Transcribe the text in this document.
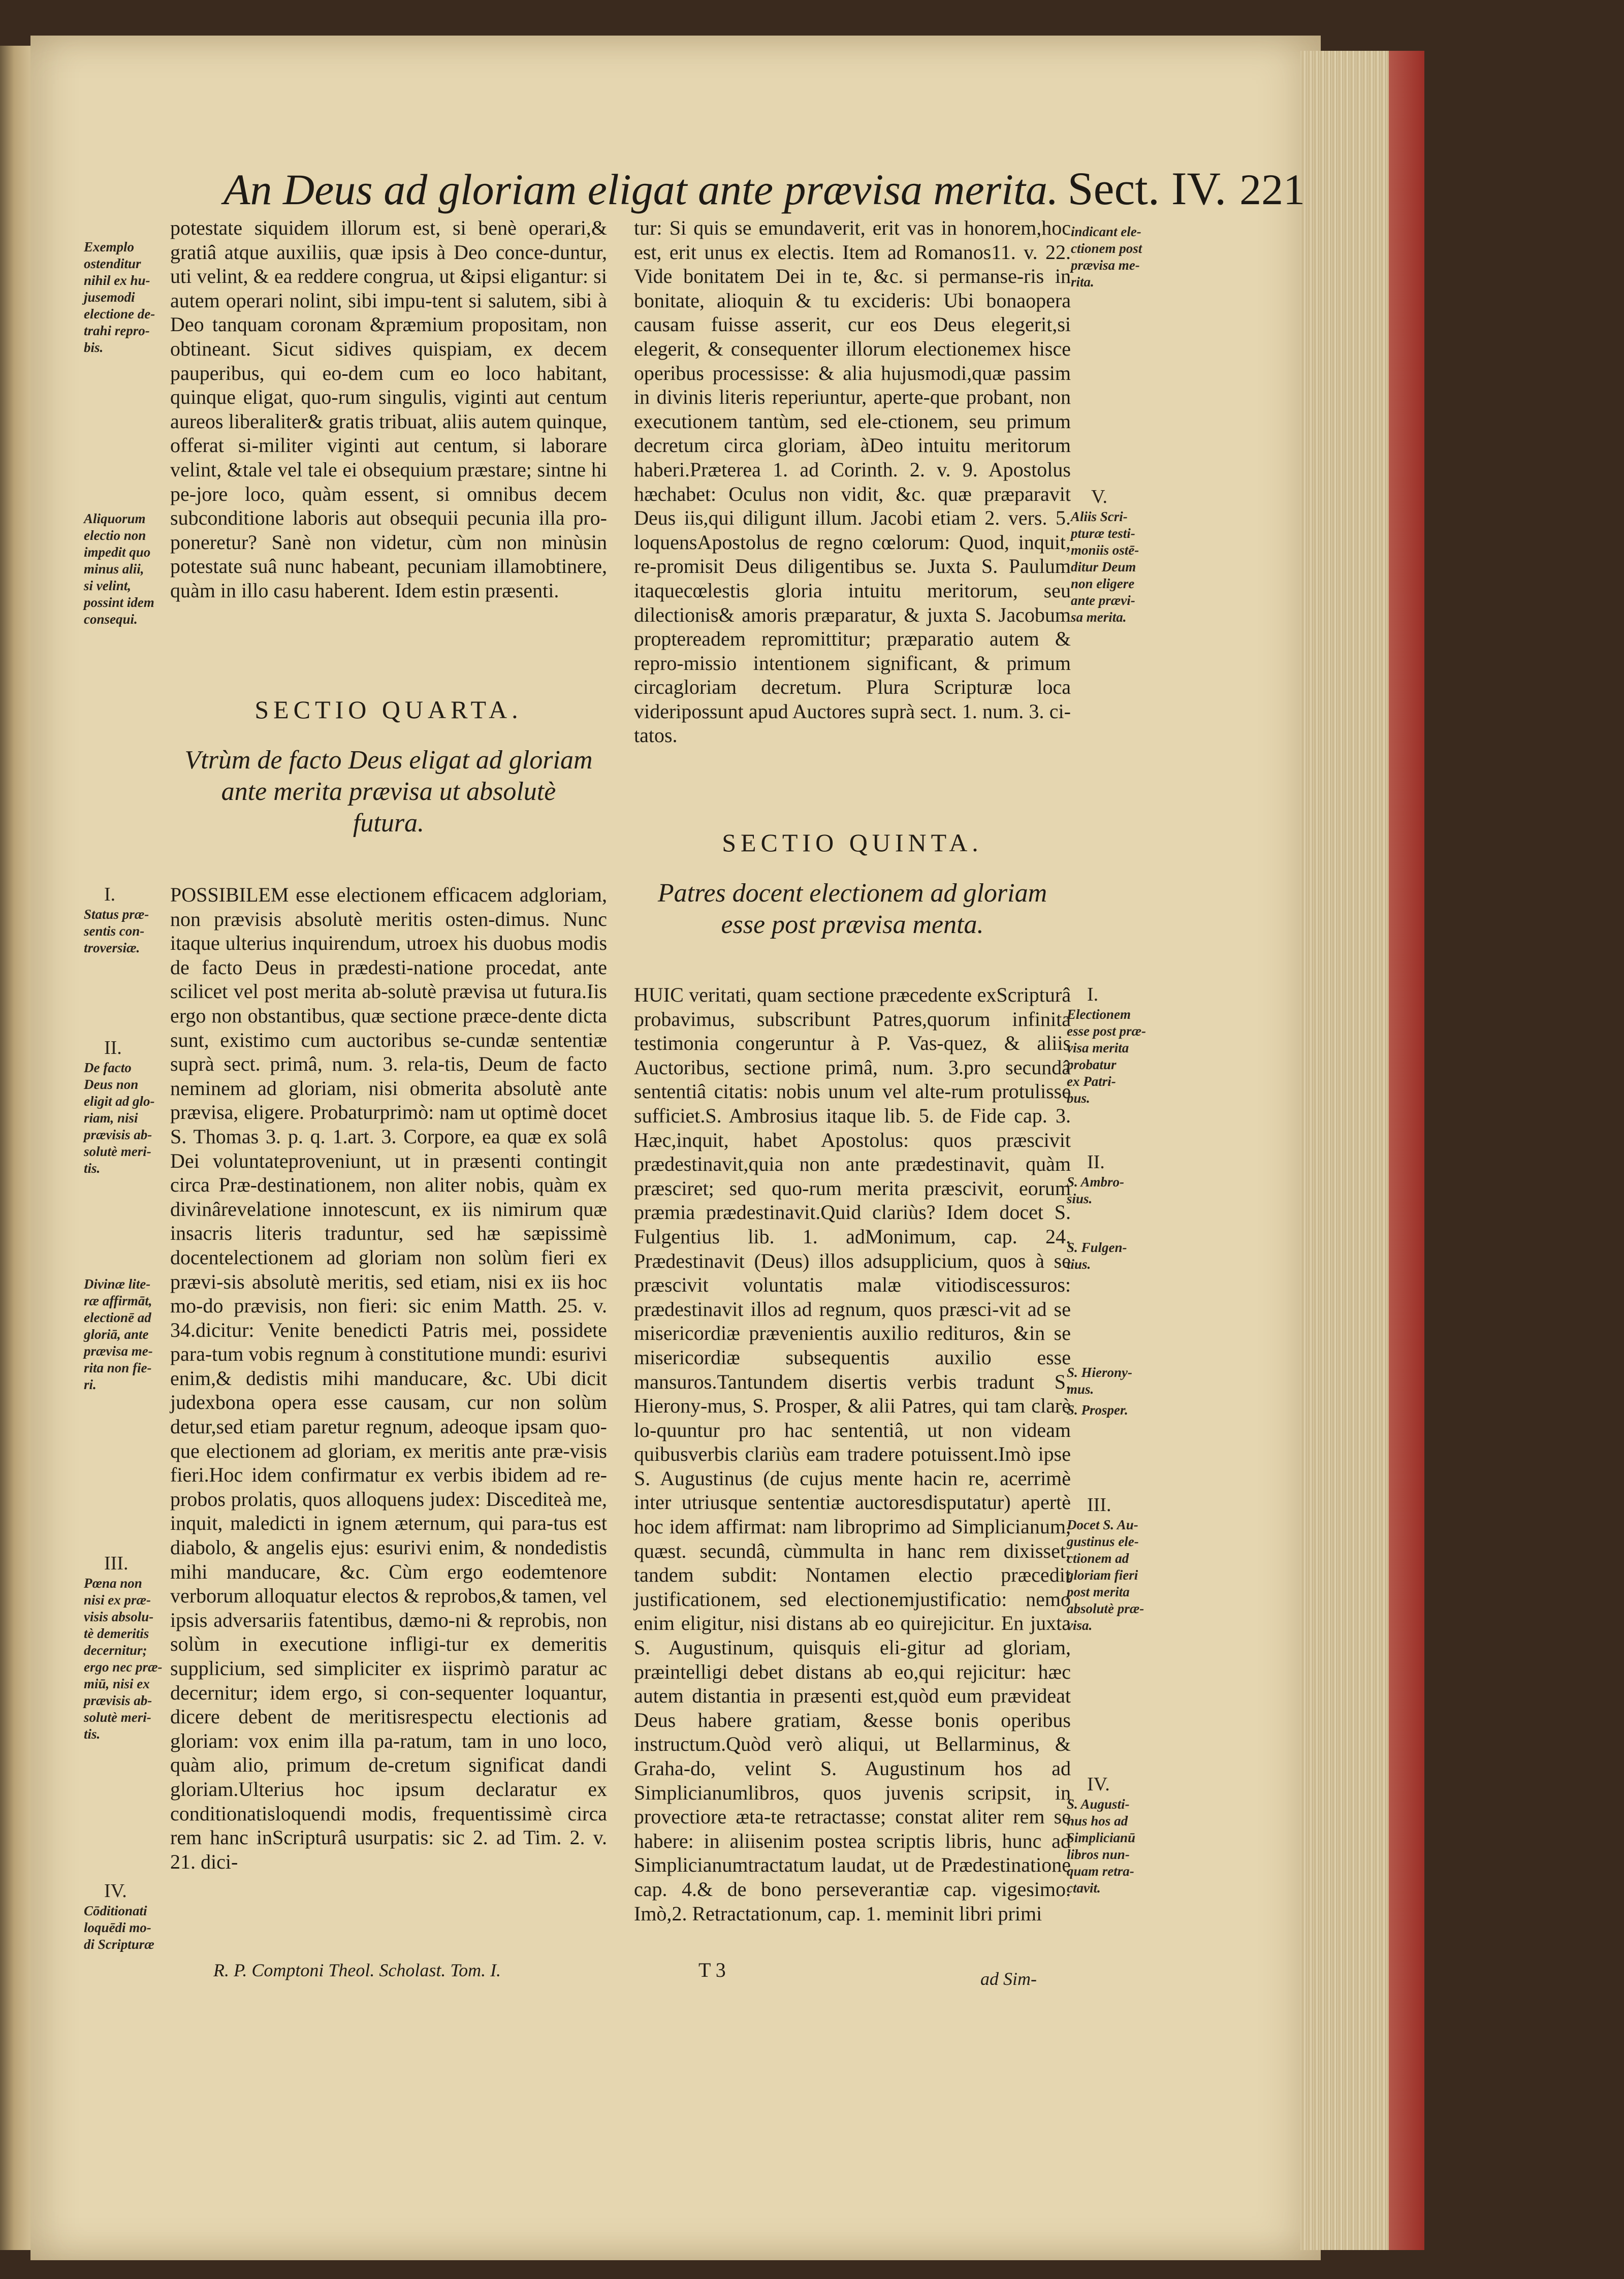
An Deus ad gloriam eligat ante prævisa merita. Sect. IV. 221
potestate siquidem illorum est, si benè operari,& gratiâ atque auxiliis, quæ ipsis à Deo conce-duntur, uti velint, & ea reddere congrua, ut &ipsi eligantur: si autem operari nolint, sibi impu-tent si salutem, sibi à Deo tanquam coronam &præmium propositam, non obtineant. Sicut sidives quispiam, ex decem pauperibus, qui eo-dem cum eo loco habitant, quinque eligat, quo-rum singulis, viginti aut centum aureos liberaliter& gratis tribuat, aliis autem quinque, offerat si-militer viginti aut centum, si laborare velint, &tale vel tale ei obsequium præstare; sintne hi pe-jore loco, quàm essent, si omnibus decem subconditione laboris aut obsequii pecunia illa pro-poneretur? Sanè non videtur, cùm non minùsin potestate suâ nunc habeant, pecuniam illamobtinere, quàm in illo casu haberent. Idem estin præsenti.
SECTIO QUARTA.
Vtrùm de facto Deus eligat ad gloriam
ante merita prævisa ut absolutè
futura.
POSSIBILEM esse electionem efficacem adgloriam, non prævisis absolutè meritis osten-dimus. Nunc itaque ulterius inquirendum, utroex his duobus modis de facto Deus in prædesti-natione procedat, ante scilicet vel post merita ab-solutè prævisa ut futura.Iis ergo non obstantibus, quæ sectione præce-dente dicta sunt, existimo cum auctoribus se-cundæ sententiæ suprà sect. primâ, num. 3. rela-tis, Deum de facto neminem ad gloriam, nisi obmerita absolutè ante prævisa, eligere. Probaturprimò: nam ut optimè docet S. Thomas 3. p. q. 1.art. 3. Corpore, ea quæ ex solâ Dei voluntateproveniunt, ut in præsenti contingit circa Præ-destinationem, non aliter nobis, quàm ex divinârevelatione innotescunt, ex iis nimirum quæ insacris literis traduntur, sed hæ sæpissimè docentelectionem ad gloriam non solùm fieri ex prævi-sis absolutè meritis, sed etiam, nisi ex iis hoc mo-do prævisis, non fieri: sic enim Matth. 25. v. 34.dicitur: Venite benedicti Patris mei, possidete para-tum vobis regnum à constitutione mundi: esurivi enim,& dedistis mihi manducare, &c. Ubi dicit judexbona opera esse causam, cur non solùm detur,sed etiam paretur regnum, adeoque ipsam quo-que electionem ad gloriam, ex meritis ante præ-visis fieri.Hoc idem confirmatur ex verbis ibidem ad re-probos prolatis, quos alloquens judex: Discediteà me, inquit, maledicti in ignem æternum, qui para-tus est diabolo, & angelis ejus: esurivi enim, & nondedistis mihi manducare, &c. Cùm ergo eodemtenore verborum alloquatur electos & reprobos,& tamen, vel ipsis adversariis fatentibus, dæmo-ni & reprobis, non solùm in executione infligi-tur ex demeritis supplicium, sed simpliciter ex iisprimò paratur ac decernitur; idem ergo, si con-sequenter loquantur, dicere debent de meritisrespectu electionis ad gloriam: vox enim illa pa-ratum, tam in uno loco, quàm alio, primum de-cretum significat dandi gloriam.Ulterius hoc ipsum declaratur ex conditionatisloquendi modis, frequentissimè circa rem hanc inScripturâ usurpatis: sic 2. ad Tim. 2. v. 21. dici-
tur: Si quis se emundaverit, erit vas in honorem,hoc est, erit unus ex electis. Item ad Romanos11. v. 22. Vide bonitatem Dei in te, &c. si permanse-ris in bonitate, alioquin & tu excideris: Ubi bonaopera causam fuisse asserit, cur eos Deus elegerit,si elegerit, & consequenter illorum electionemex hisce operibus processisse: & alia hujusmodi,quæ passim in divinis literis reperiuntur, aperte-que probant, non executionem tantùm, sed ele-ctionem, seu primum decretum circa gloriam, àDeo intuitu meritorum haberi.Præterea 1. ad Corinth. 2. v. 9. Apostolus hæchabet: Oculus non vidit, &c. quæ præparavit Deus iis,qui diligunt illum. Jacobi etiam 2. vers. 5. loquensApostolus de regno cœlorum: Quod, inquit, re-promisit Deus diligentibus se. Juxta S. Paulum itaquecœlestis gloria intuitu meritorum, seu dilectionis& amoris præparatur, & juxta S. Jacobum proptereadem repromittitur; præparatio autem & repro-missio intentionem significant, & primum circagloriam decretum. Plura Scripturæ loca videripossunt apud Auctores suprà sect. 1. num. 3. ci-tatos.
SECTIO QUINTA.
Patres docent electionem ad gloriam
esse post prævisa menta.
HUIC veritati, quam sectione præcedente exScripturâ probavimus, subscribunt Patres,quorum infinita testimonia congeruntur à P. Vas-quez, & aliis Auctoribus, sectione primâ, num. 3.pro secundâ sententiâ citatis: nobis unum vel alte-rum protulisse sufficiet.S. Ambrosius itaque lib. 5. de Fide cap. 3. Hæc,inquit, habet Apostolus: quos præscivit prædestinavit,quia non ante prædestinavit, quàm præsciret; sed quo-rum merita præscivit, eorum præmia prædestinavit.Quid clariùs? Idem docet S. Fulgentius lib. 1. adMonimum, cap. 24. Prædestinavit (Deus) illos adsupplicium, quos à se præscivit voluntatis malæ vitiodiscessuros: prædestinavit illos ad regnum, quos præsci-vit ad se misericordiæ prævenientis auxilio redituros, &in se misericordiæ subsequentis auxilio esse mansuros.Tantundem disertis verbis tradunt S. Hierony-mus, S. Prosper, & alii Patres, qui tam clarè lo-quuntur pro hac sententiâ, ut non videam quibusverbis clariùs eam tradere potuissent.Imò ipse S. Augustinus (de cujus mente hacin re, acerrimè inter utriusque sententiæ auctoresdisputatur) apertè hoc idem affirmat: nam libroprimo ad Simplicianum, quæst. secundâ, cùmmulta in hanc rem dixisset, tandem subdit: Nontamen electio præcedit justificationem, sed electionemjustificatio: nemo enim eligitur, nisi distans ab eo quirejicitur. En juxta S. Augustinum, quisquis eli-gitur ad gloriam, præintelligi debet distans ab eo,qui rejicitur: hæc autem distantia in præsenti est,quòd eum prævideat Deus habere gratiam, &esse bonis operibus instructum.Quòd verò aliqui, ut Bellarminus, & Graha-do, velint S. Augustinum hos ad Simplicianumlibros, quos juvenis scripsit, in provectiore æta-te retractasse; constat aliter rem se habere: in aliisenim postea scriptis libris, hunc ad Simplicianumtractatum laudat, ut de Prædestinatione cap. 4.& de bono perseverantiæ cap. vigesimo. Imò,2. Retractationum, cap. 1. meminit libri primi
ad Sim-
Exemplo
ostenditur
nihil ex hu-
jusemodi
electione de-
trahi repro-
bis.
Aliquorum
electio non
impedit quo
minus alii,
si velint,
possint idem
consequi.
I.
Status præ-
sentis con-
troversiæ.
II.
De facto
Deus non
eligit ad glo-
riam, nisi
prævisis ab-
solutè meri-
tis.
Divinæ lite-
ræ affirmāt,
electionē ad
gloriā, ante
prævisa me-
rita non fie-
ri.
III.
Pœna non
nisi ex præ-
visis absolu-
tè demeritis
decernitur;
ergo nec præ-
miū, nisi ex
prævisis ab-
solutè meri-
tis.
IV.
Cōditionati
loquēdi mo-
di Scripturæ
indicant ele-
ctionem post
prævisa me-
rita.
V.
Aliis Scri-
pturæ testi-
moniis ostē-
ditur Deum
non eligere
ante prævi-
sa merita.
I.
Electionem
esse post præ-
visa merita
probatur
ex Patri-
bus.
II.
S. Ambro-
sius.
S. Fulgen-
tius.
S. Hierony-
mus.
S. Prosper.
III.
Docet S. Au-
gustinus ele-
ctionem ad
gloriam fieri
post merita
absolutè præ-
visa.
IV.
S. Augusti-
nus hos ad
Simplicianū
libros nun-
quam retra-
ctavit.
R. P. Comptoni Theol. Scholast. Tom. I.	T 3
